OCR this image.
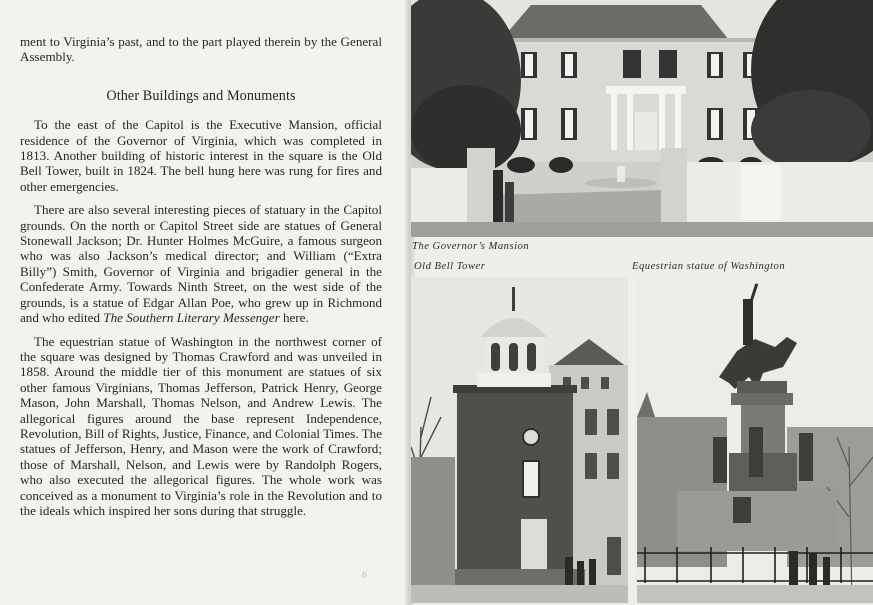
ment to Virginia’s past, and to the part played therein by the General Assembly.

Other Buildings and Monuments

To the east of the Capitol is the Executive Mansion, official residence of the Governor of Virginia, which was completed in 1813. Another building of historic interest in the square is the Old Bell Tower, built in 1824. The bell hung here was rung for fires and other emergencies.

There are also several interesting pieces of statuary in the Capitol grounds. On the north or Capitol Street side are statues of General Stonewall Jackson; Dr. Hunter Holmes McGuire, a famous surgeon who was also Jackson’s medical director; and William (“Extra Billy”) Smith, Governor of Virginia and brigadier general in the Confederate Army. Towards Ninth Street, on the west side of the grounds, is a statue of Edgar Allan Poe, who grew up in Richmond and who edited The Southern Literary Messenger here.

The equestrian statue of Washington in the northwest corner of the square was designed by Thomas Crawford and was unveiled in 1858. Around the middle tier of this monument are statues of six other famous Virginians, Thomas Jefferson, Patrick Henry, George Mason, John Marshall, Thomas Nelson, and Andrew Lewis. The allegorical figures around the base represent Independence, Revolution, Bill of Rights, Justice, Finance, and Colonial Times. The statues of Jefferson, Henry, and Mason were the work of Crawford; those of Marshall, Nelson, and Lewis were by Randolph Rogers, who also executed the allegorical figures. The whole work was conceived as a monument to Virginia’s role in the Revolution and to the ideals which inspired her sons during that struggle.

6
The Governor’s Mansion
Old Bell Tower	Equestrian statue of Washington
